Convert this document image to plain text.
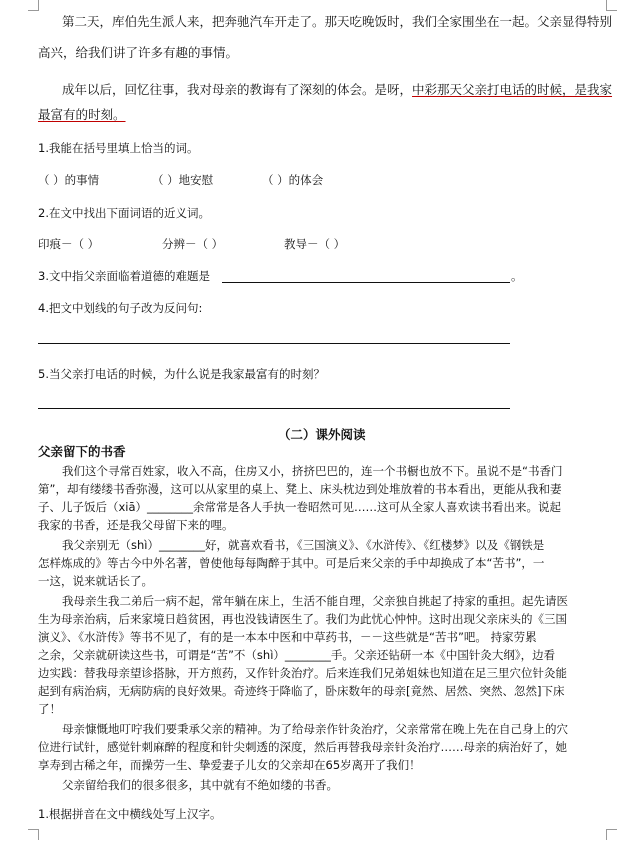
第二天，库伯先生派人来，把奔驰汽车开走了。那天吃晚饭时，我们全家围坐在一起。父亲显得特别
高兴，给我们讲了许多有趣的事情。
成年以后，回忆往事，我对母亲的教诲有了深刻的体会。是呀，中彩那天父亲打电话的时候，是我家
最富有的时刻。
1.我能在括号里填上恰当的词。
（ ）的事情	（ ）地安慰	（ ）的体会
2.在文中找出下面词语的近义词。
印痕－（ ）	分辨－（ ）	教导－（ ）
3.文中指父亲面临着道德的难题是	。
4.把文中划线的句子改为反问句:
5.当父亲打电话的时候，为什么说是我家最富有的时刻？
（二）课外阅读
父亲留下的书香
我们这个寻常百姓家，收入不高，住房又小，挤挤巴巴的，连一个书橱也放不下。虽说不是“书香门
第”，却有缕缕书香弥漫，这可以从家里的桌上、凳上、床头枕边到处堆放着的书本看出，更能从我和妻
子、儿子饭后（xiā）________余常常是各人手执一卷昭然可见……这可从全家人喜欢读书看出来。说起
我家的书香，还是我父母留下来的哩。
我父亲别无（shì）________好，就喜欢看书，《三国演义》、《水浒传》、《红楼梦》以及《钢铁是
怎样炼成的》等古今中外名著，曾使他每每陶醉于其中。可是后来父亲的手中却换成了本“苦书”，一
一这，说来就话长了。
我母亲生我二弟后一病不起，常年躺在床上，生活不能自理，父亲独自挑起了持家的重担。起先请医
生为母亲治病，后来家境日趋贫困，再也没钱请医生了。我们为此忧心忡忡。这时出现父亲床头的《三国
演义》、《水浒传》等书不见了，有的是一本本中医和中草药书，－－这些就是“苦书”吧。 持家劳累
之余，父亲就研读这些书，可谓是“苦”不（shì）________手。父亲还钻研一本《中国针灸大纲》，边看
边实践：替我母亲望诊搭脉，开方煎药，又作针灸治疗。后来连我们兄弟姐妹也知道在足三里穴位针灸能
起到有病治病，无病防病的良好效果。奇迹终于降临了，卧床数年的母亲[竟然、居然、突然、忽然]下床
了！
母亲慷慨地叮咛我们要秉承父亲的精神。为了给母亲作针灸治疗，父亲常常在晚上先在自己身上的穴
位进行试针，感觉针刺麻醉的程度和针尖刺透的深度，然后再替我母亲针灸治疗……母亲的病治好了，她
享寿到古稀之年，而操劳一生、挚爱妻子儿女的父亲却在65岁离开了我们！
父亲留给我们的很多很多，其中就有不绝如缕的书香。
1.根据拼音在文中横线处写上汉字。
